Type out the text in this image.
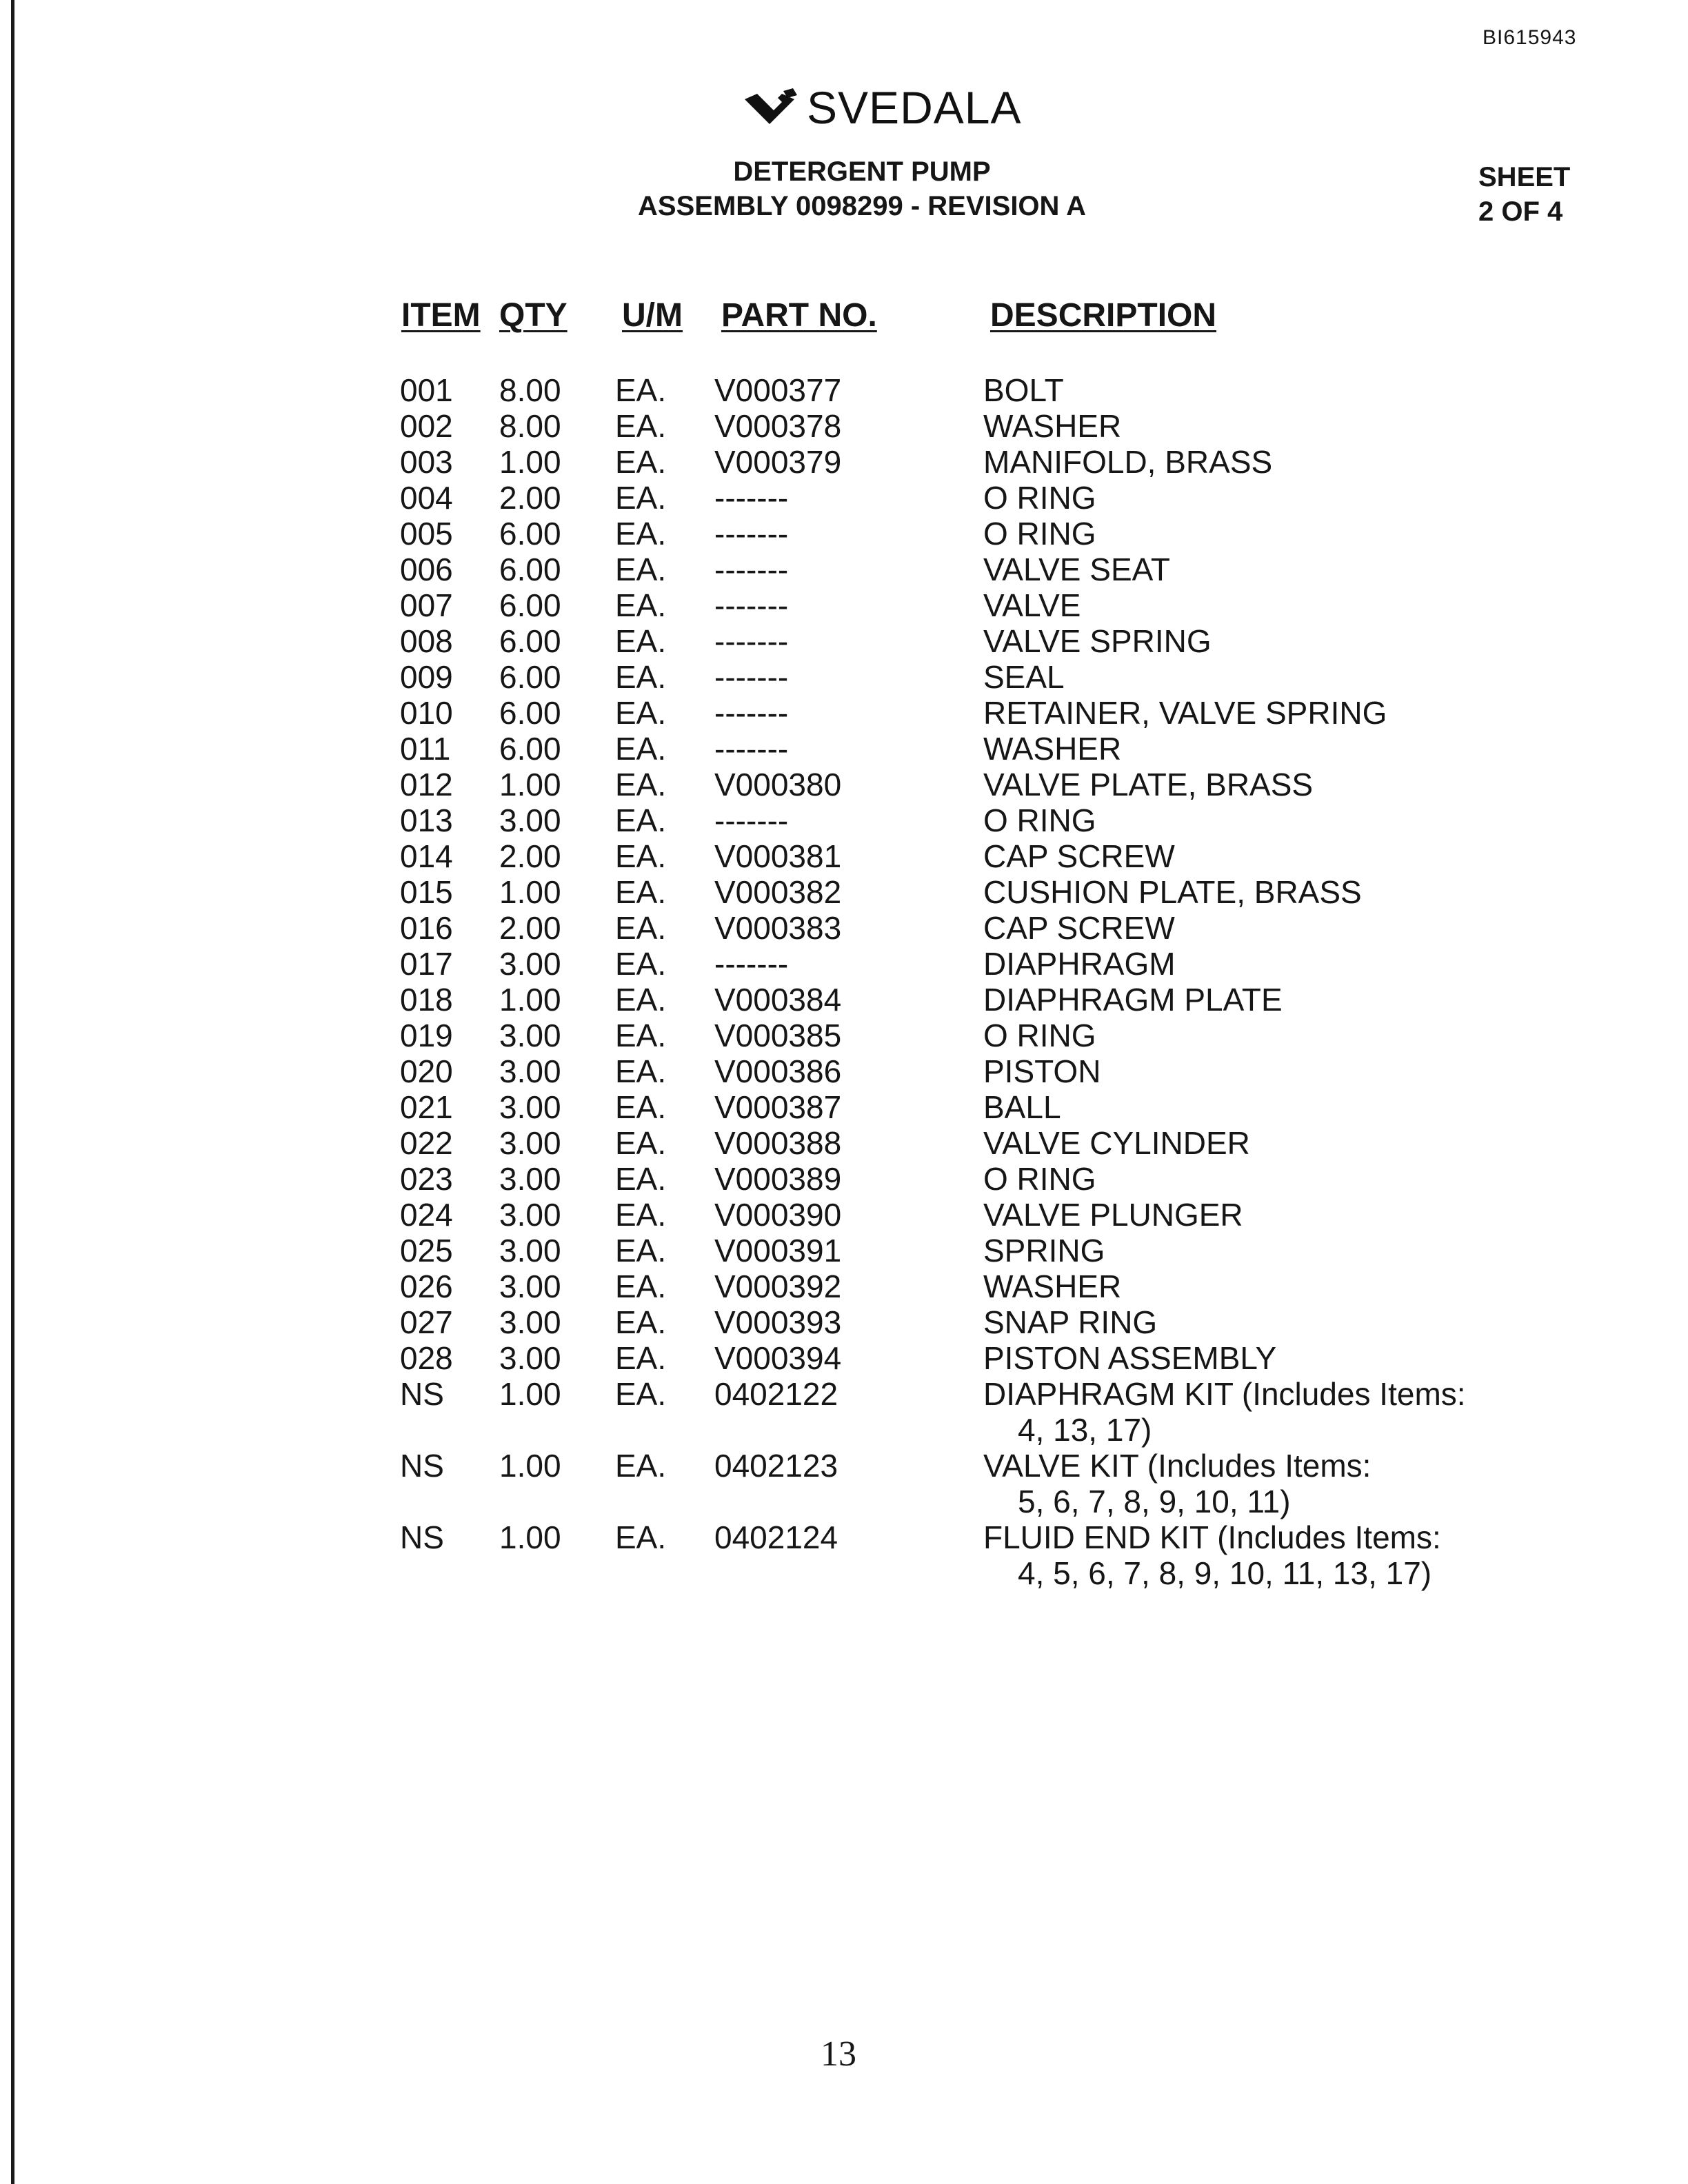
BI615943
SVEDALA
DETERGENT PUMP
ASSEMBLY 0098299 - REVISION A
SHEET
2 OF 4
ITEM QTY U/M PART NO.	DESCRIPTION
001 8.00 EA. V000377	BOLT
002 8.00 EA. V000378	WASHER
003 1.00 EA. V000379	MANIFOLD, BRASS
004 2.00 EA. -------	O RING
005 6.00 EA. -------	O RING
006 6.00 EA. -------	VALVE SEAT
007 6.00 EA. -------	VALVE
008 6.00 EA. -------	VALVE SPRING
009 6.00 EA. -------	SEAL
010 6.00 EA. -------	RETAINER, VALVE SPRING
011 6.00 EA. -------	WASHER
012 1.00 EA. V000380	VALVE PLATE, BRASS
013 3.00 EA. -------	O RING
014 2.00 EA. V000381	CAP SCREW
015 1.00 EA. V000382	CUSHION PLATE, BRASS
016 2.00 EA. V000383	CAP SCREW
017 3.00 EA. -------	DIAPHRAGM
018 1.00 EA. V000384	DIAPHRAGM PLATE
019 3.00 EA. V000385	O RING
020 3.00 EA. V000386	PISTON
021 3.00 EA. V000387	BALL
022 3.00 EA. V000388	VALVE CYLINDER
023 3.00 EA. V000389	O RING
024 3.00 EA. V000390	VALVE PLUNGER
025 3.00 EA. V000391	SPRING
026 3.00 EA. V000392	WASHER
027 3.00 EA. V000393	SNAP RING
028 3.00 EA. V000394	PISTON ASSEMBLY
NS 1.00 EA. 0402122	DIAPHRAGM KIT (Includes Items:
4, 13, 17)
NS 1.00 EA. 0402123	VALVE KIT (Includes Items:
5, 6, 7, 8, 9, 10, 11)
NS 1.00 EA. 0402124	FLUID END KIT (Includes Items:
4, 5, 6, 7, 8, 9, 10, 11, 13, 17)
13
